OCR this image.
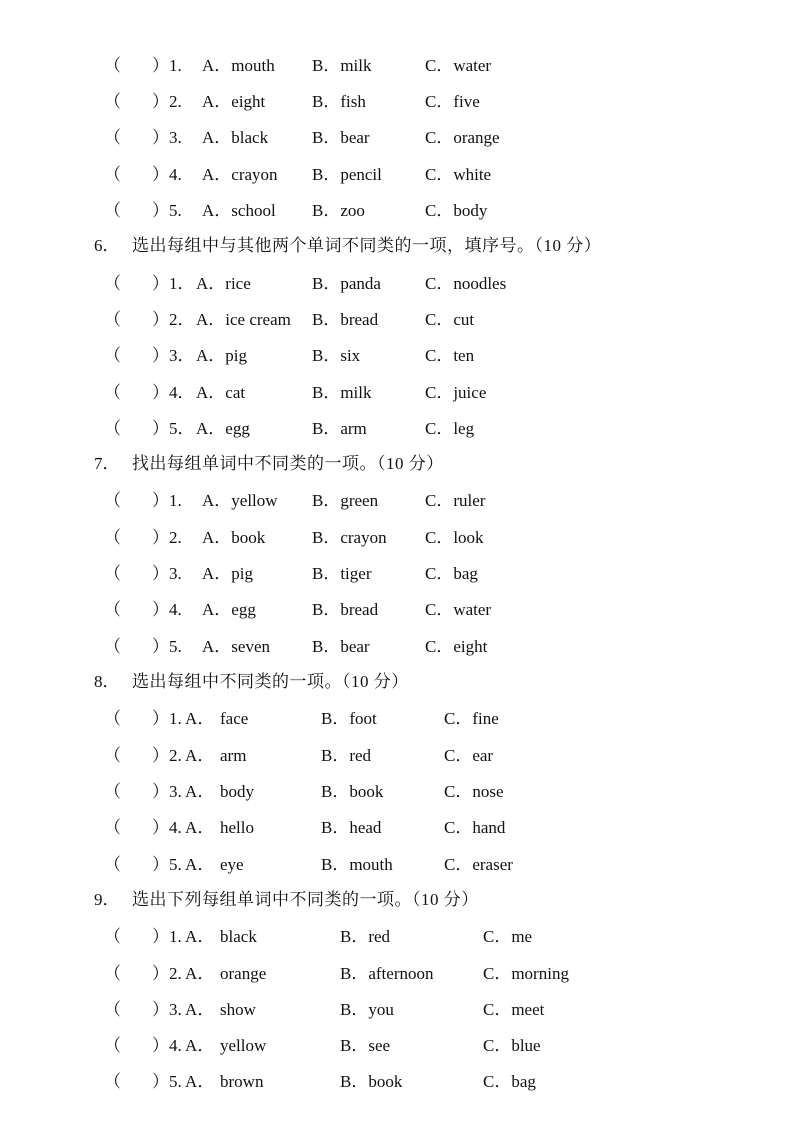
（ ）1. A．mouth B．milk	C．water
（ ）2. A．eight	B．fish	C．five
（ ）3. A．black	B．bear	C．orange
（ ）4. A．crayon B．pencil	C．white
（ ）5. A．school B．zoo	C．body
6． 选出每组中与其他两个单词不同类的一项，填序号。（10 分）
（ ）1． A．rice	B．panda	C．noodles
（ ）2． A．ice cream B．bread	C．cut
（ ）3． A．pig	B．six	C．ten
（ ）4． A．cat	B．milk	C．juice
（ ）5． A．egg	B．arm	C．leg
7． 找出每组单词中不同类的一项。（10 分）
（ ）1. A．yellow B．green	C．ruler
（ ）2. A．book	B．crayon C．look
（ ）3. A．pig	B．tiger	C．bag
（ ）4. A．egg	B．bread	C．water
（ ）5. A．seven B．bear	C．eight
8． 选出每组中不同类的一项。（10 分）
（ ）1. A． face	B．foot	C．fine
（ ）2. A． arm	B．red	C．ear
（ ）3. A． body	B．book	C．nose
（ ）4. A． hello	B．head	C．hand
（ ）5. A． eye	B．mouth	C．eraser
9． 选出下列每组单词中不同类的一项。（10 分）
（ ）1. A． black	B．red	C．me
（ ）2. A． orange	B．afternoon	C．morning
（ ）3. A． show	B．you	C．meet
（ ）4. A． yellow	B．see	C．blue
（ ）5. A． brown	B．book	C．bag
